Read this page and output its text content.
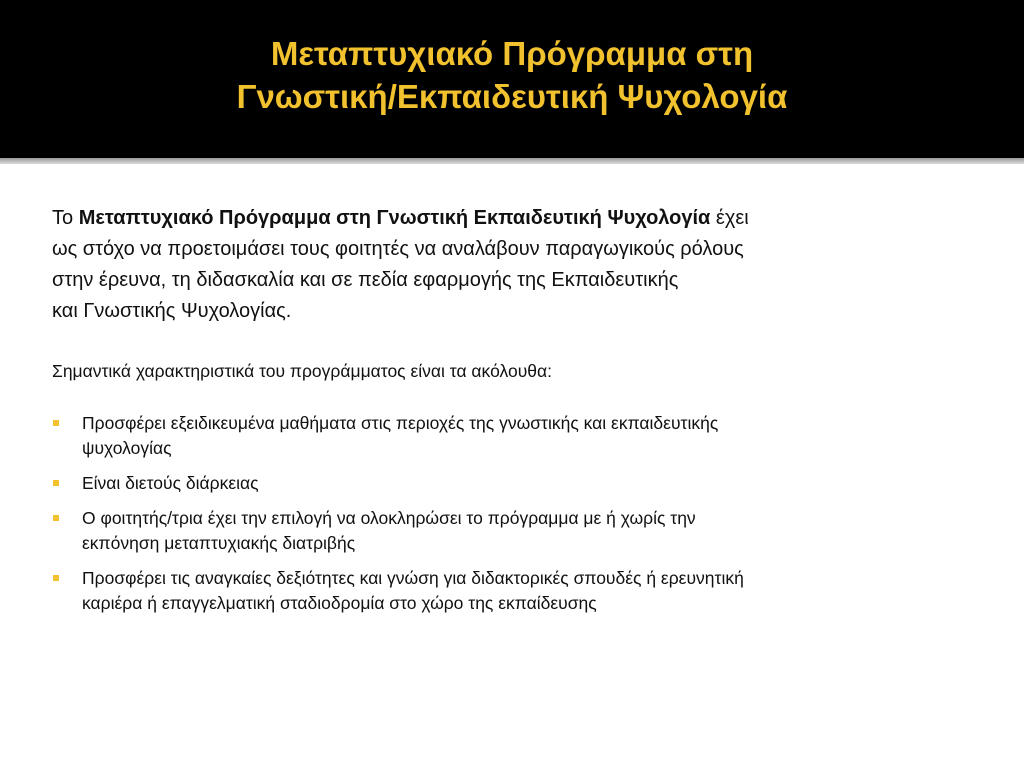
Μεταπτυχιακό Πρόγραμμα στη
Γνωστική/Εκπαιδευτική Ψυχολογία

Το Μεταπτυχιακό Πρόγραμμα στη Γνωστική Εκπαιδευτική Ψυχολογία έχει
ως στόχο να προετοιμάσει τους φοιτητές να αναλάβουν παραγωγικούς ρόλους
στην έρευνα, τη διδασκαλία και σε πεδία εφαρμογής της Εκπαιδευτικής
και Γνωστικής Ψυχολογίας.

Σημαντικά χαρακτηριστικά του προγράμματος είναι τα ακόλουθα:

Προσφέρει εξειδικευμένα μαθήματα στις περιοχές της γνωστικής και εκπαιδευτικής
ψυχολογίας
Είναι διετούς διάρκειας
Ο φοιτητής/τρια έχει την επιλογή να ολοκληρώσει το πρόγραμμα με ή χωρίς την
εκπόνηση μεταπτυχιακής διατριβής
Προσφέρει τις αναγκαίες δεξιότητες και γνώση για διδακτορικές σπουδές ή ερευνητική
καριέρα ή επαγγελματική σταδιοδρομία στο χώρο της εκπαίδευσης
